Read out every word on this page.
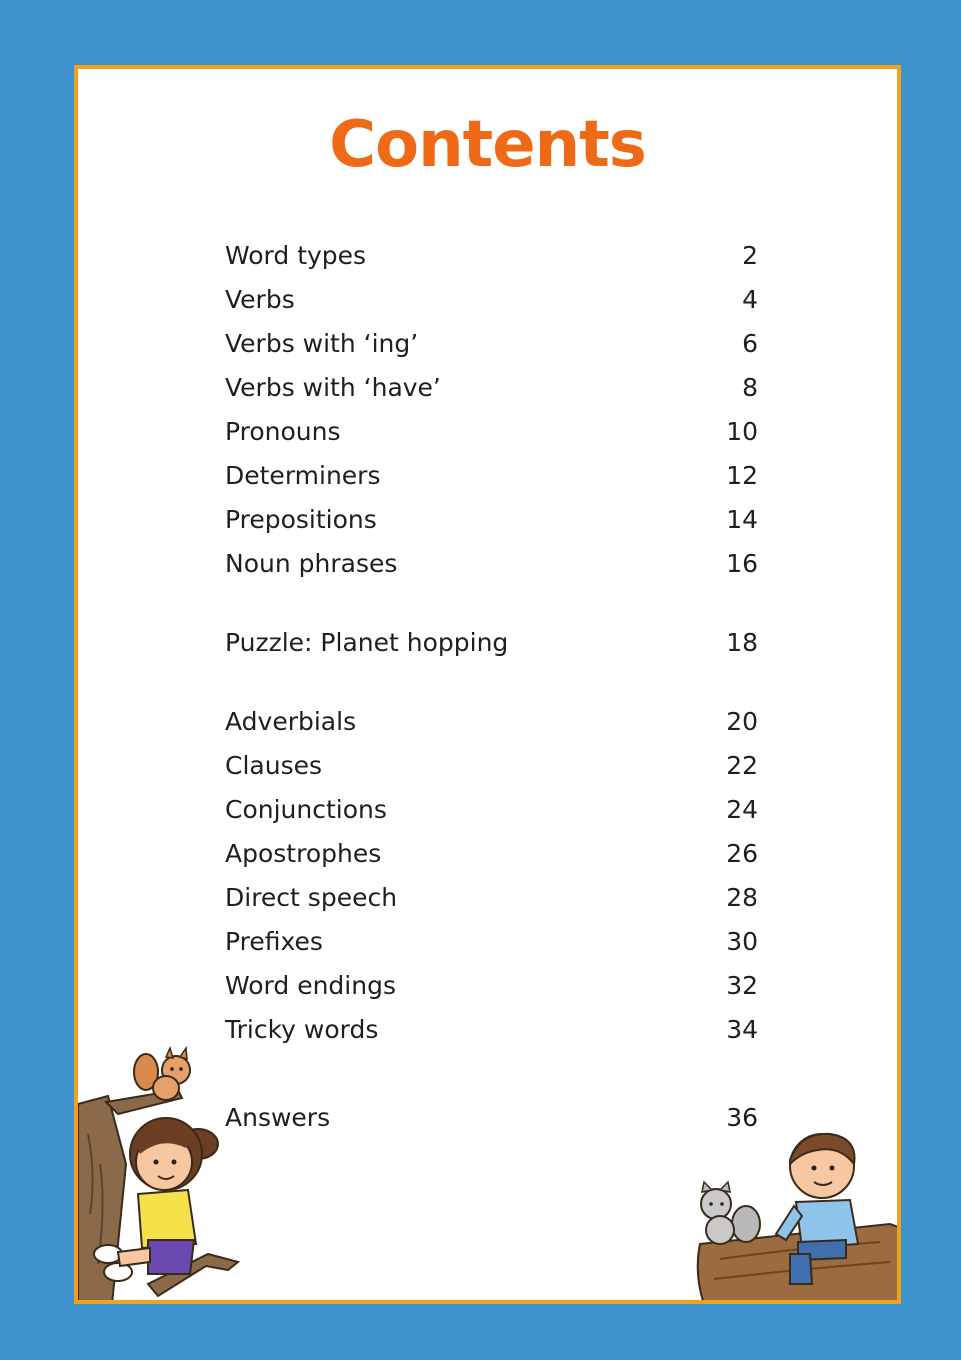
Contents
Word types	2
Verbs	4
Verbs with ‘ing’	6
Verbs with ‘have’	8
Pronouns	10
Determiners	12
Prepositions	14
Noun phrases	16
Puzzle: Planet hopping	18
Adverbials	20
Clauses	22
Conjunctions	24
Apostrophes	26
Direct speech	28
Prefixes	30
Word endings	32
Tricky words	34
Answers	36
